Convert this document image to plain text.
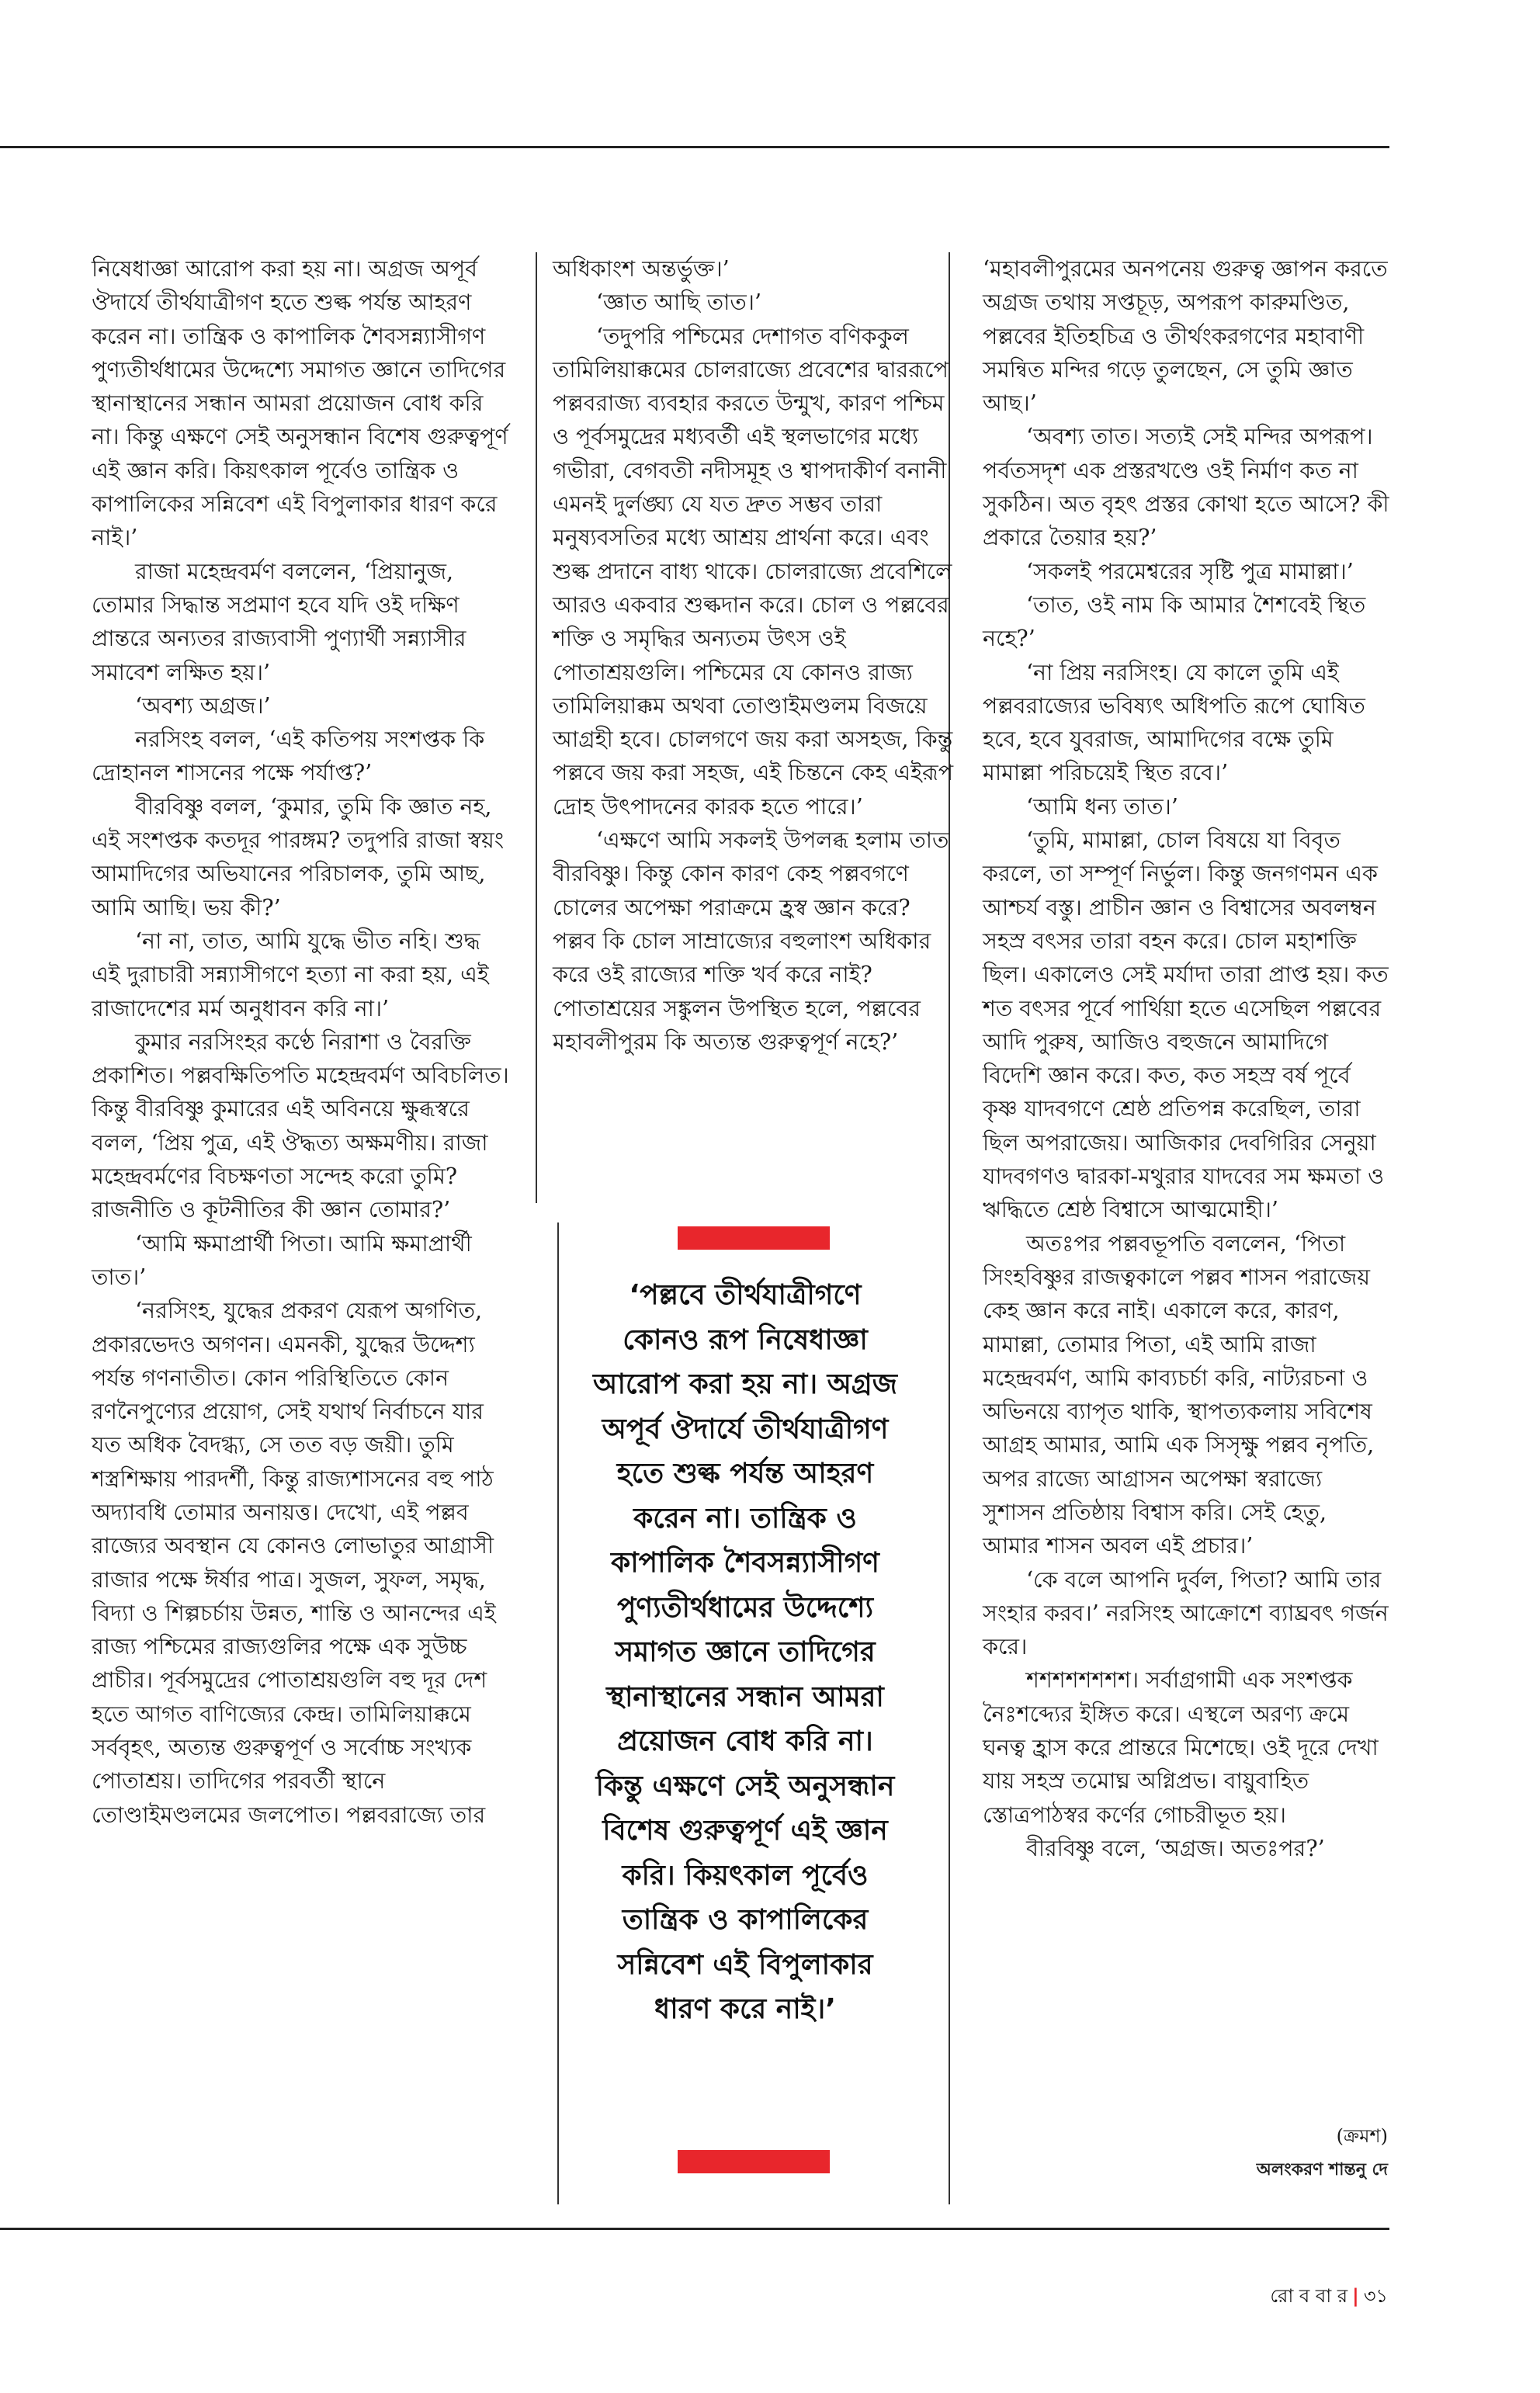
নিষেধাজ্ঞা আরোপ করা হয় না। অগ্রজ অপূর্ব ঔদার্যে তীর্থযাত্রীগণ হতে শুল্ক পর্যন্ত আহরণ করেন না। তান্ত্রিক ও কাপালিক শৈবসন্ন্যাসীগণ পুণ্যতীর্থধামের উদ্দেশ্যে সমাগত জ্ঞানে তাদিগের স্থানাস্থানের সন্ধান আমরা প্রয়োজন বোধ করি না। কিন্তু এক্ষণে সেই অনুসন্ধান বিশেষ গুরুত্বপূর্ণ এই জ্ঞান করি। কিয়ৎকাল পূর্বেও তান্ত্রিক ও কাপালিকের সন্নিবেশ এই বিপুলাকার ধারণ করে নাই।’

রাজা মহেন্দ্রবর্মণ বললেন, ‘প্রিয়ানুজ, তোমার সিদ্ধান্ত সপ্রমাণ হবে যদি ওই দক্ষিণ প্রান্তরে অন্যতর রাজ্যবাসী পুণ্যার্থী সন্ন্যাসীর সমাবেশ লক্ষিত হয়।’

‘অবশ্য অগ্রজ।’

নরসিংহ বলল, ‘এই কতিপয় সংশপ্তক কি দ্রোহানল শাসনের পক্ষে পর্যাপ্ত?’

বীরবিষ্ণু বলল, ‘কুমার, তুমি কি জ্ঞাত নহ, এই সংশপ্তক কতদূর পারঙ্গম? তদুপরি রাজা স্বয়ং আমাদিগের অভিযানের পরিচালক, তুমি আছ, আমি আছি। ভয় কী?’

‘না না, তাত, আমি যুদ্ধে ভীত নহি। শুদ্ধ এই দুরাচারী সন্ন্যাসীগণে হত্যা না করা হয়, এই রাজাদেশের মর্ম অনুধাবন করি না।’

কুমার নরসিংহর কণ্ঠে নিরাশা ও বৈরক্তি প্রকাশিত। পল্লবক্ষিতিপতি মহেন্দ্রবর্মণ অবিচলিত। কিন্তু বীরবিষ্ণু কুমারের এই অবিনয়ে ক্ষুব্ধস্বরে বলল, ‘প্রিয় পুত্র, এই ঔদ্ধত্য অক্ষমণীয়। রাজা মহেন্দ্রবর্মণের বিচক্ষণতা সন্দেহ করো তুমি? রাজনীতি ও কূটনীতির কী জ্ঞান তোমার?’

‘আমি ক্ষমাপ্রার্থী পিতা। আমি ক্ষমাপ্রার্থী তাত।’

‘নরসিংহ, যুদ্ধের প্রকরণ যেরূপ অগণিত, প্রকারভেদও অগণন। এমনকী, যুদ্ধের উদ্দেশ্য পর্যন্ত গণনাতীত। কোন পরিস্থিতিতে কোন রণনৈপুণ্যের প্রয়োগ, সেই যথার্থ নির্বাচনে যার যত অধিক বৈদগ্ধ্য, সে তত বড় জয়ী। তুমি শস্ত্রশিক্ষায় পারদর্শী, কিন্তু রাজ্যশাসনের বহু পাঠ অদ্যাবধি তোমার অনায়ত্ত। দেখো, এই পল্লব রাজ্যের অবস্থান যে কোনও লোভাতুর আগ্রাসী রাজার পক্ষে ঈর্ষার পাত্র। সুজল, সুফল, সমৃদ্ধ, বিদ্যা ও শিল্পচর্চায় উন্নত, শান্তি ও আনন্দের এই রাজ্য পশ্চিমের রাজ্যগুলির পক্ষে এক সুউচ্চ প্রাচীর। পূর্বসমুদ্রের পোতাশ্রয়গুলি বহু দূর দেশ হতে আগত বাণিজ্যের কেন্দ্র। তামিলিয়াক্কমে সর্ববৃহৎ, অত্যন্ত গুরুত্বপূর্ণ ও সর্বোচ্চ সংখ্যক পোতাশ্রয়। তাদিগের পরবর্তী স্থানে তোণ্ডাইমণ্ডলমের জলপোত। পল্লবরাজ্যে তার

অধিকাংশ অন্তর্ভুক্ত।’

‘জ্ঞাত আছি তাত।’

‘তদুপরি পশ্চিমের দেশাগত বণিককুল তামিলিয়াক্কমের চোলরাজ্যে প্রবেশের দ্বাররূপে পল্লবরাজ্য ব্যবহার করতে উন্মুখ, কারণ পশ্চিম ও পূর্বসমুদ্রের মধ্যবর্তী এই স্থলভাগের মধ্যে গভীরা, বেগবতী নদীসমূহ ও শ্বাপদাকীর্ণ বনানী এমনই দুর্লঙ্ঘ্য যে যত দ্রুত সম্ভব তারা মনুষ্যবসতির মধ্যে আশ্রয় প্রার্থনা করে। এবং শুল্ক প্রদানে বাধ্য থাকে। চোলরাজ্যে প্রবেশিলে আরও একবার শুল্কদান করে। চোল ও পল্লবের শক্তি ও সমৃদ্ধির অন্যতম উৎস ওই পোতাশ্রয়গুলি। পশ্চিমের যে কোনও রাজ্য তামিলিয়াক্কম অথবা তোণ্ডাইমণ্ডলম বিজয়ে আগ্রহী হবে। চোলগণে জয় করা অসহজ, কিন্তু পল্লবে জয় করা সহজ, এই চিন্তনে কেহ এইরূপ দ্রোহ উৎপাদনের কারক হতে পারে।’

‘এক্ষণে আমি সকলই উপলব্ধ হলাম তাত বীরবিষ্ণু। কিন্তু কোন কারণ কেহ পল্লবগণে চোলের অপেক্ষা পরাক্রমে হ্রস্ব জ্ঞান করে? পল্লব কি চোল সাম্রাজ্যের বহুলাংশ অধিকার করে ওই রাজ্যের শক্তি খর্ব করে নাই? পোতাশ্রয়ের সঙ্কুলন উপস্থিত হলে, পল্লবের মহাবলীপুরম কি অত্যন্ত গুরুত্বপূর্ণ নহে?’

‘মহাবলীপুরমের অনপনেয় গুরুত্ব জ্ঞাপন করতে অগ্রজ তথায় সপ্তচূড়, অপরূপ কারুমণ্ডিত, পল্লবের ইতিহচিত্র ও তীর্থংকরগণের মহাবাণী সমন্বিত মন্দির গড়ে তুলছেন, সে তুমি জ্ঞাত আছ।’

‘অবশ্য তাত। সত্যই সেই মন্দির অপরূপ। পর্বতসদৃশ এক প্রস্তরখণ্ডে ওই নির্মাণ কত না সুকঠিন। অত বৃহৎ প্রস্তর কোথা হতে আসে? কী প্রকারে তৈয়ার হয়?’

‘সকলই পরমেশ্বরের সৃষ্টি পুত্র মামাল্লা।’

‘তাত, ওই নাম কি আমার শৈশবেই স্থিত নহে?’

‘না প্রিয় নরসিংহ। যে কালে তুমি এই পল্লবরাজ্যের ভবিষ্যৎ অধিপতি রূপে ঘোষিত হবে, হবে যুবরাজ, আমাদিগের বক্ষে তুমি মামাল্লা পরিচয়েই স্থিত রবে।’

‘আমি ধন্য তাত।’

‘তুমি, মামাল্লা, চোল বিষয়ে যা বিবৃত করলে, তা সম্পূর্ণ নির্ভুল। কিন্তু জনগণমন এক আশ্চর্য বস্তু। প্রাচীন জ্ঞান ও বিশ্বাসের অবলম্বন সহস্র বৎসর তারা বহন করে। চোল মহাশক্তি ছিল। একালেও সেই মর্যাদা তারা প্রাপ্ত হয়। কত শত বৎসর পূর্বে পার্থিয়া হতে এসেছিল পল্লবের আদি পুরুষ, আজিও বহুজনে আমাদিগে বিদেশি জ্ঞান করে। কত, কত সহস্র বর্ষ পূর্বে কৃষ্ণ যাদবগণে শ্রেষ্ঠ প্রতিপন্ন করেছিল, তারা ছিল অপরাজেয়। আজিকার দেবগিরির সেনুয়া যাদবগণও দ্বারকা-মথুরার যাদবের সম ক্ষমতা ও ঋদ্ধিতে শ্রেষ্ঠ বিশ্বাসে আত্মমোহী।’

অতঃপর পল্লবভূপতি বললেন, ‘পিতা সিংহবিষ্ণুর রাজত্বকালে পল্লব শাসন পরাজেয় কেহ জ্ঞান করে নাই। একালে করে, কারণ, মামাল্লা, তোমার পিতা, এই আমি রাজা মহেন্দ্রবর্মণ, আমি কাব্যচর্চা করি, নাট্যরচনা ও অভিনয়ে ব্যাপৃত থাকি, স্থাপত্যকলায় সবিশেষ আগ্রহ আমার, আমি এক সিসৃক্ষু পল্লব নৃপতি, অপর রাজ্যে আগ্রাসন অপেক্ষা স্বরাজ্যে সুশাসন প্রতিষ্ঠায় বিশ্বাস করি। সেই হেতু, আমার শাসন অবল এই প্রচার।’

‘কে বলে আপনি দুর্বল, পিতা? আমি তার সংহার করব।’ নরসিংহ আক্রোশে ব্যাঘ্রবৎ গর্জন করে।

শশশশশশশশ। সর্বাগ্রগামী এক সংশপ্তক নৈঃশব্দ্যের ইঙ্গিত করে। এস্থলে অরণ্য ক্রমে ঘনত্ব হ্রাস করে প্রান্তরে মিশেছে। ওই দূরে দেখা যায় সহস্র তমোঘ্ন অগ্নিপ্রভ। বায়ুবাহিত স্তোত্রপাঠস্বর কর্ণের গোচরীভূত হয়।

বীরবিষ্ণু বলে, ‘অগ্রজ। অতঃপর?’

‘পল্লবে তীর্থযাত্রীগণে কোনও রূপ নিষেধাজ্ঞা আরোপ করা হয় না। অগ্রজ অপূর্ব ঔদার্যে তীর্থযাত্রীগণ হতে শুল্ক পর্যন্ত আহরণ করেন না। তান্ত্রিক ও কাপালিক শৈবসন্ন্যাসীগণ পুণ্যতীর্থধামের উদ্দেশ্যে সমাগত জ্ঞানে তাদিগের স্থানাস্থানের সন্ধান আমরা প্রয়োজন বোধ করি না। কিন্তু এক্ষণে সেই অনুসন্ধান বিশেষ গুরুত্বপূর্ণ এই জ্ঞান করি। কিয়ৎকাল পূর্বেও তান্ত্রিক ও কাপালিকের সন্নিবেশ এই বিপুলাকার ধারণ করে নাই।’
(ক্রমশ)
অলংকরণ শান্তনু দে
রো ব বা র | ৩১
